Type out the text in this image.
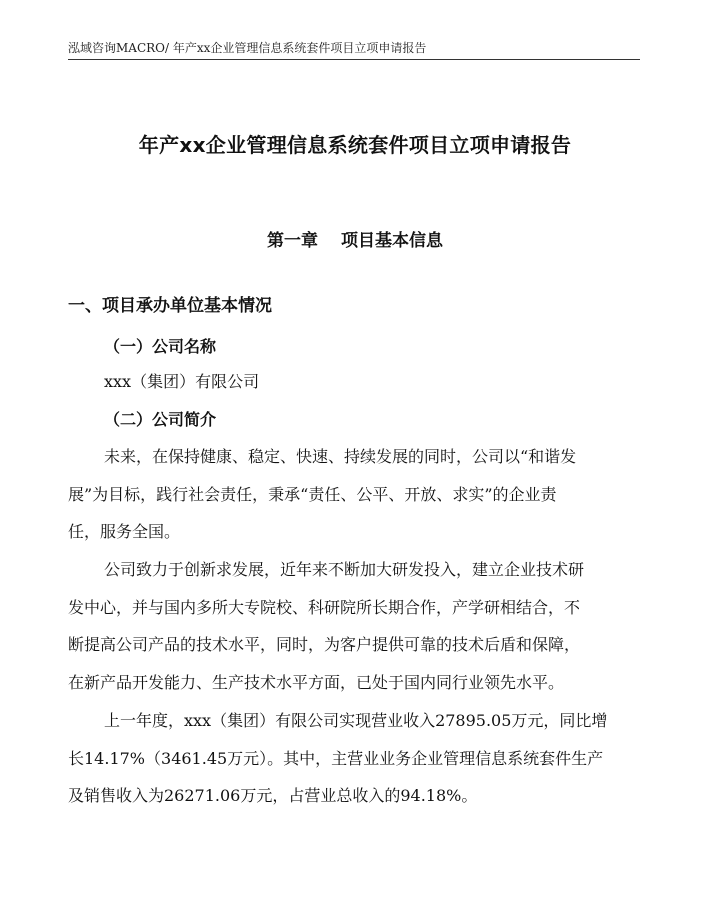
泓域咨询MACRO/ 年产xx企业管理信息系统套件项目立项申请报告
年产xx企业管理信息系统套件项目立项申请报告
第一章　 项目基本信息
一、项目承办单位基本情况
（一）公司名称
xxx（集团）有限公司
（二）公司简介
未来，在保持健康、稳定、快速、持续发展的同时，公司以“和谐发
展”为目标，践行社会责任，秉承“责任、公平、开放、求实”的企业责
任，服务全国。
公司致力于创新求发展，近年来不断加大研发投入，建立企业技术研
发中心，并与国内多所大专院校、科研院所长期合作，产学研相结合，不
断提高公司产品的技术水平，同时，为客户提供可靠的技术后盾和保障，
在新产品开发能力、生产技术水平方面，已处于国内同行业领先水平。
上一年度，xxx（集团）有限公司实现营业收入27895.05万元，同比增
长14.17%（3461.45万元）。其中，主营业业务企业管理信息系统套件生产
及销售收入为26271.06万元，占营业总收入的94.18%。
